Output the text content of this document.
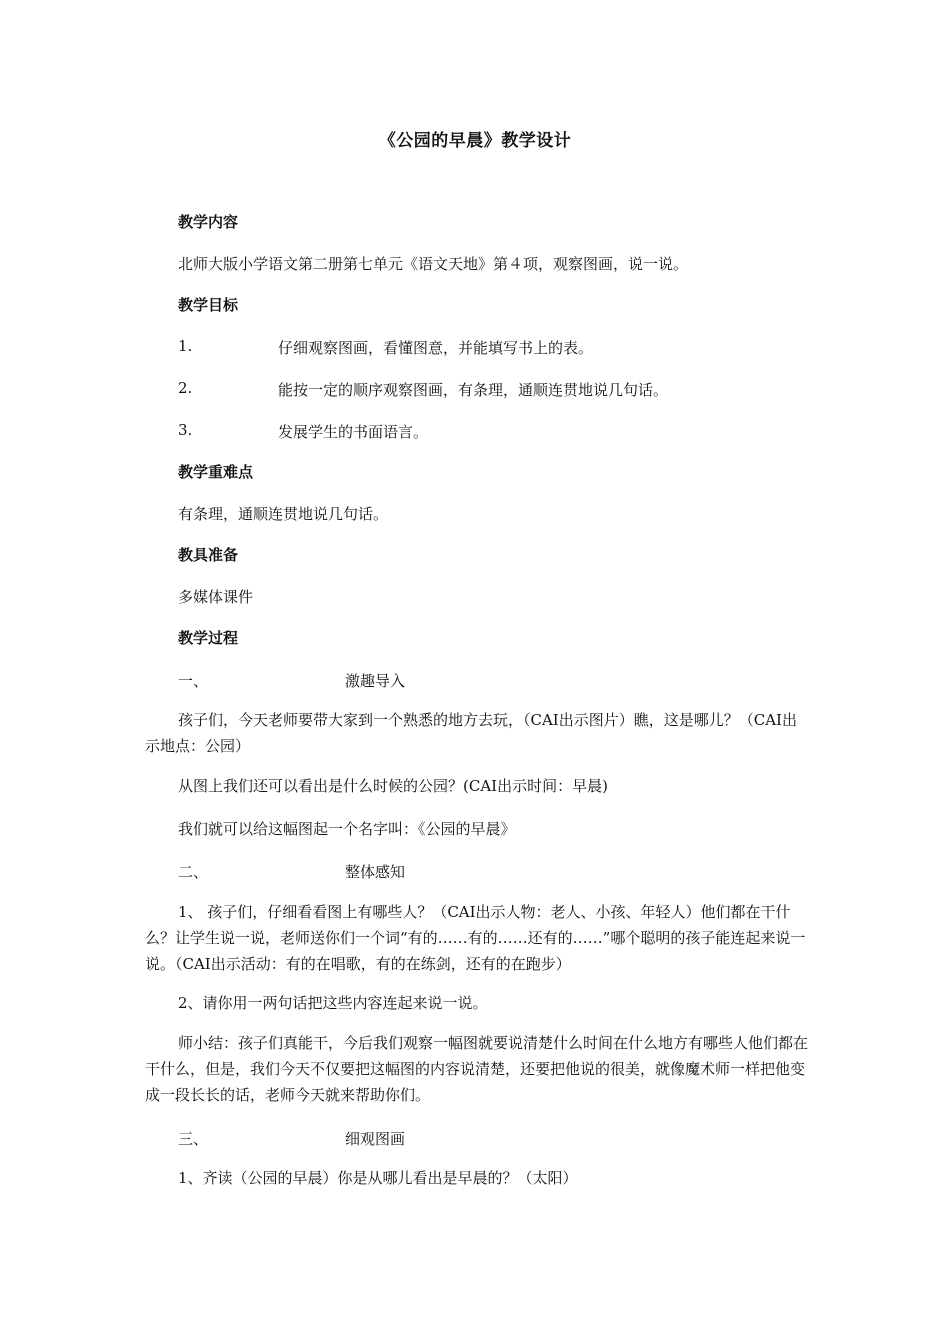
《公园的早晨》教学设计
教学内容
北师大版小学语文第二册第七单元《语文天地》第４项，观察图画，说一说。
教学目标
1.	仔细观察图画，看懂图意，并能填写书上的表。
2.	能按一定的顺序观察图画，有条理，通顺连贯地说几句话。
3.	发展学生的书面语言。
教学重难点
有条理，通顺连贯地说几句话。
教具准备
多媒体课件
教学过程
一、	激趣导入
孩子们，今天老师要带大家到一个熟悉的地方去玩，（CAI出示图片）瞧，这是哪儿？（CAI出示地点：公园）
从图上我们还可以看出是什么时候的公园？(CAI出示时间：早晨)
我们就可以给这幅图起一个名字叫：《公园的早晨》
二、	整体感知
1、 孩子们，仔细看看图上有哪些人？（CAI出示人物：老人、小孩、年轻人）他们都在干什么？让学生说一说，老师送你们一个词“有的……有的……还有的……”哪个聪明的孩子能连起来说一说。（CAI出示活动：有的在唱歌，有的在练剑，还有的在跑步）
2、请你用一两句话把这些内容连起来说一说。
师小结：孩子们真能干，今后我们观察一幅图就要说清楚什么时间在什么地方有哪些人他们都在干什么，但是，我们今天不仅要把这幅图的内容说清楚，还要把他说的很美，就像魔术师一样把他变成一段长长的话，老师今天就来帮助你们。
三、	细观图画
1、齐读（公园的早晨）你是从哪儿看出是早晨的？（太阳）
